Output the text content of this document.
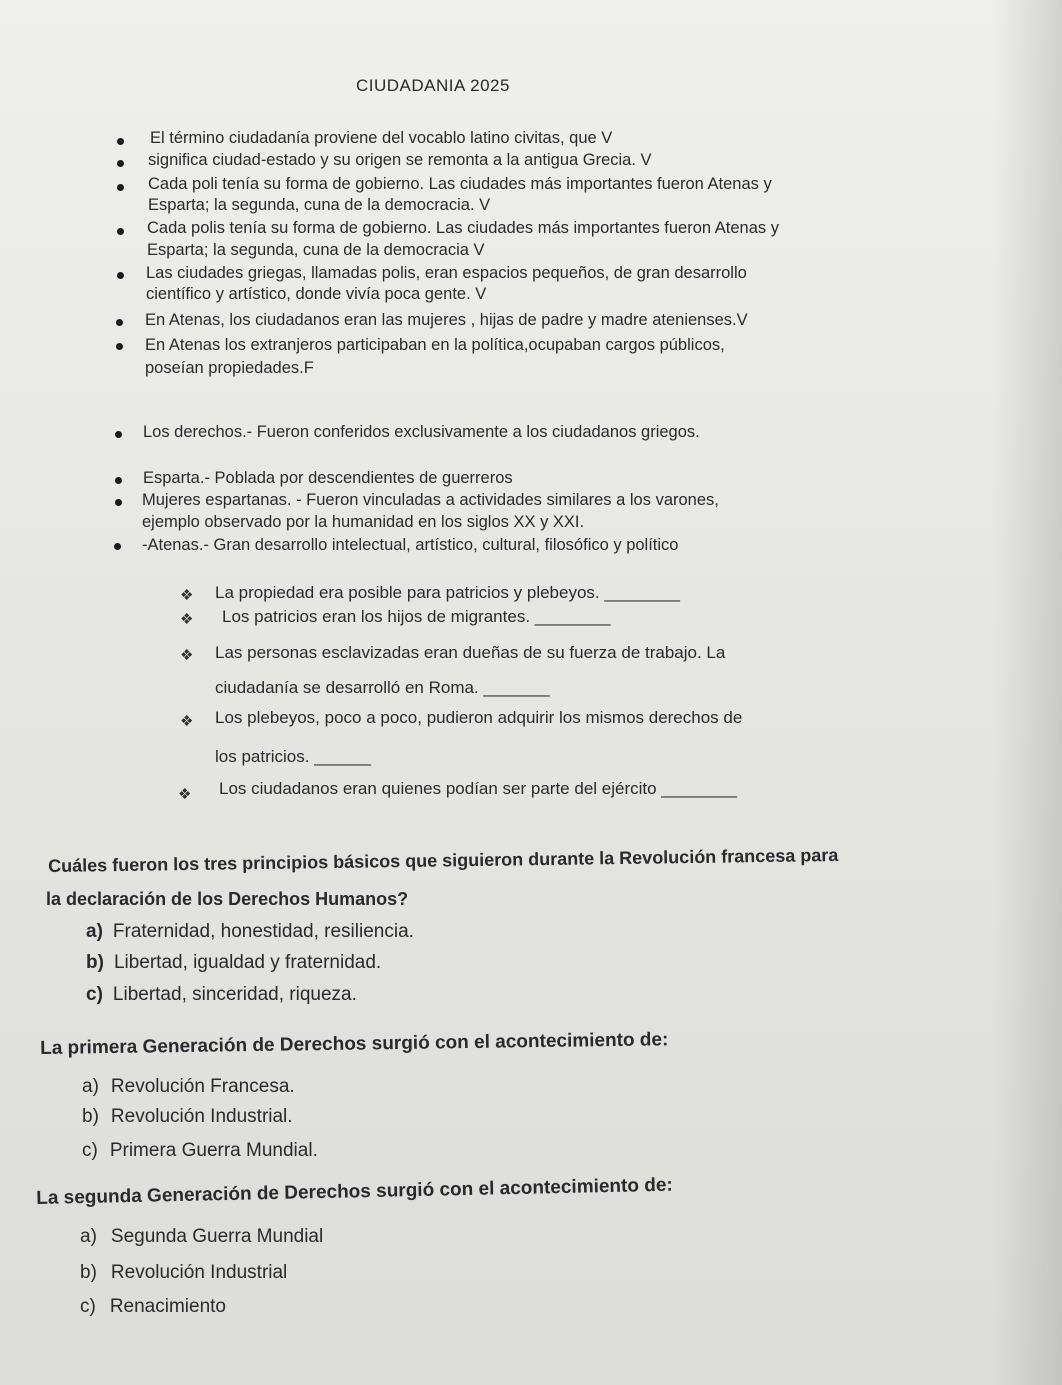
CIUDADANIA 2025
El término ciudadanía proviene del vocablo latino civitas, que V
significa ciudad-estado y su origen se remonta a la antigua Grecia. V
Cada poli tenía su forma de gobierno. Las ciudades más importantes fueron Atenas y
Esparta; la segunda, cuna de la democracia. V
Cada polis tenía su forma de gobierno. Las ciudades más importantes fueron Atenas y
Esparta; la segunda, cuna de la democracia V
Las ciudades griegas, llamadas polis, eran espacios pequeños, de gran desarrollo
científico y artístico, donde vivía poca gente. V
En Atenas, los ciudadanos eran las mujeres , hijas de padre y madre atenienses.V
En Atenas los extranjeros participaban en la política,ocupaban cargos públicos,
poseían propiedades.F
Los derechos.- Fueron conferidos exclusivamente a los ciudadanos griegos.
Esparta.- Poblada por descendientes de guerreros
Mujeres espartanas. - Fueron vinculadas a actividades similares a los varones,
ejemplo observado por la humanidad en los siglos XX y XXI.
-Atenas.- Gran desarrollo intelectual, artístico, cultural, filosófico y político
❖ La propiedad era posible para patricios y plebeyos. ________
❖ Los patricios eran los hijos de migrantes. ________
❖ Las personas esclavizadas eran dueñas de su fuerza de trabajo. La
ciudadanía se desarrolló en Roma. _______
❖ Los plebeyos, poco a poco, pudieron adquirir los mismos derechos de
los patricios. ______
❖ Los ciudadanos eran quienes podían ser parte del ejército ________
Cuáles fueron los tres principios básicos que siguieron durante la Revolución francesa para
la declaración de los Derechos Humanos?
a) Fraternidad, honestidad, resiliencia.
b) Libertad, igualdad y fraternidad.
c) Libertad, sinceridad, riqueza.
La primera Generación de Derechos surgió con el acontecimiento de:
a) Revolución Francesa.
b) Revolución Industrial.
c) Primera Guerra Mundial.
La segunda Generación de Derechos surgió con el acontecimiento de:
a) Segunda Guerra Mundial
b) Revolución Industrial
c) Renacimiento
